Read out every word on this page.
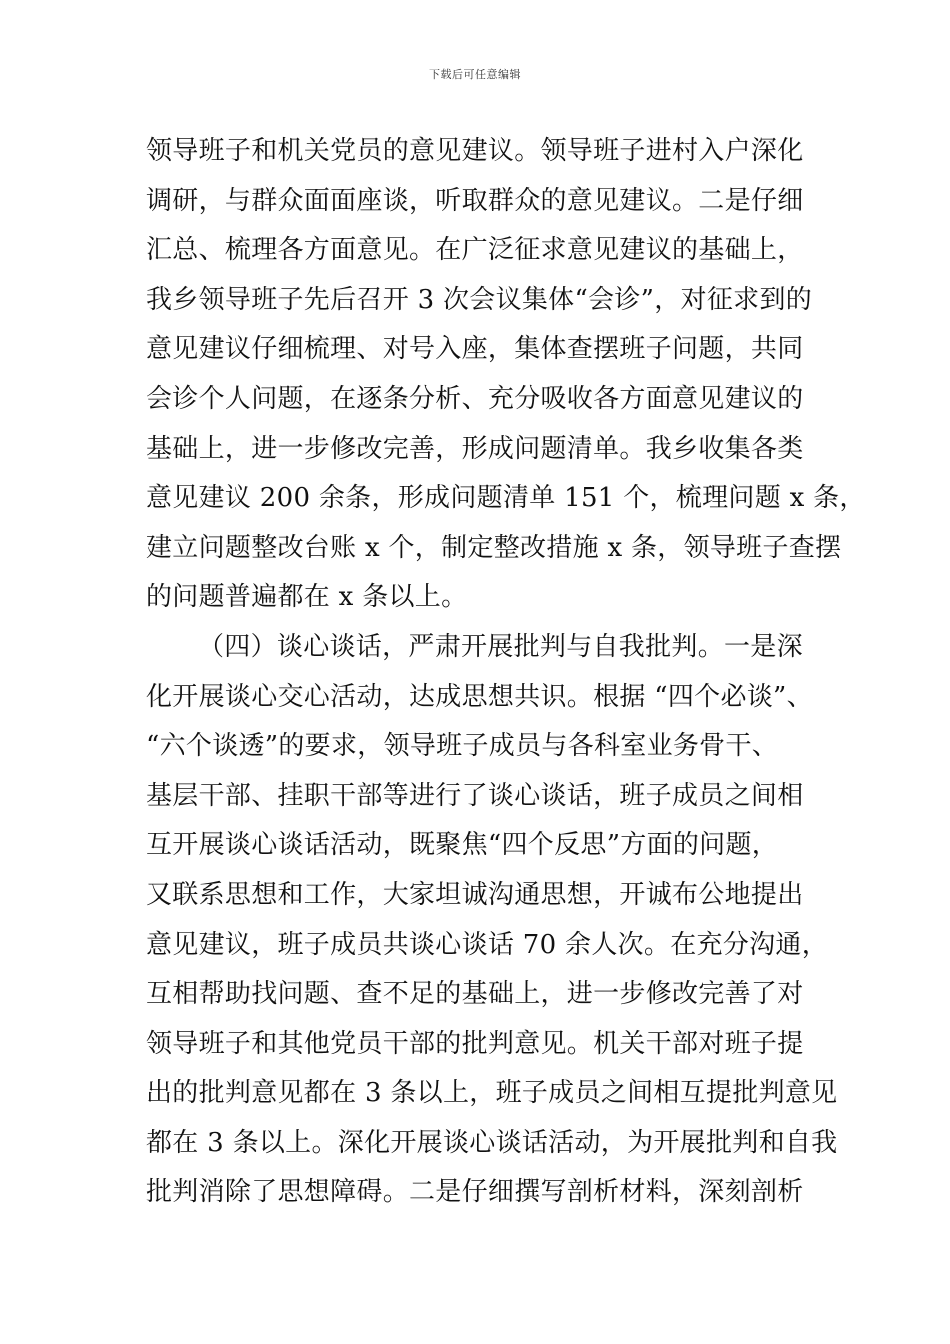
下载后可任意编辑
领导班子和机关党员的意见建议。领导班子进村入户深化
调研，与群众面面座谈，听取群众的意见建议。二是仔细
汇总、梳理各方面意见。在广泛征求意见建议的基础上，
我乡领导班子先后召开 3 次会议集体“会诊”，对征求到的
意见建议仔细梳理、对号入座，集体查摆班子问题，共同
会诊个人问题，在逐条分析、充分吸收各方面意见建议的
基础上，进一步修改完善，形成问题清单。我乡收集各类
意见建议 200 余条，形成问题清单 151 个，梳理问题 x 条，
建立问题整改台账 x 个，制定整改措施 x 条，领导班子查摆
的问题普遍都在 x 条以上。
（四）谈心谈话，严肃开展批判与自我批判。一是深
化开展谈心交心活动，达成思想共识。根据 “四个必谈”、
“六个谈透”的要求，领导班子成员与各科室业务骨干、
基层干部、挂职干部等进行了谈心谈话，班子成员之间相
互开展谈心谈话活动，既聚焦“四个反思”方面的问题，
又联系思想和工作，大家坦诚沟通思想，开诚布公地提出
意见建议，班子成员共谈心谈话 70 余人次。在充分沟通，
互相帮助找问题、查不足的基础上，进一步修改完善了对
领导班子和其他党员干部的批判意见。机关干部对班子提
出的批判意见都在 3 条以上，班子成员之间相互提批判意见
都在 3 条以上。深化开展谈心谈话活动，为开展批判和自我
批判消除了思想障碍。二是仔细撰写剖析材料，深刻剖析
